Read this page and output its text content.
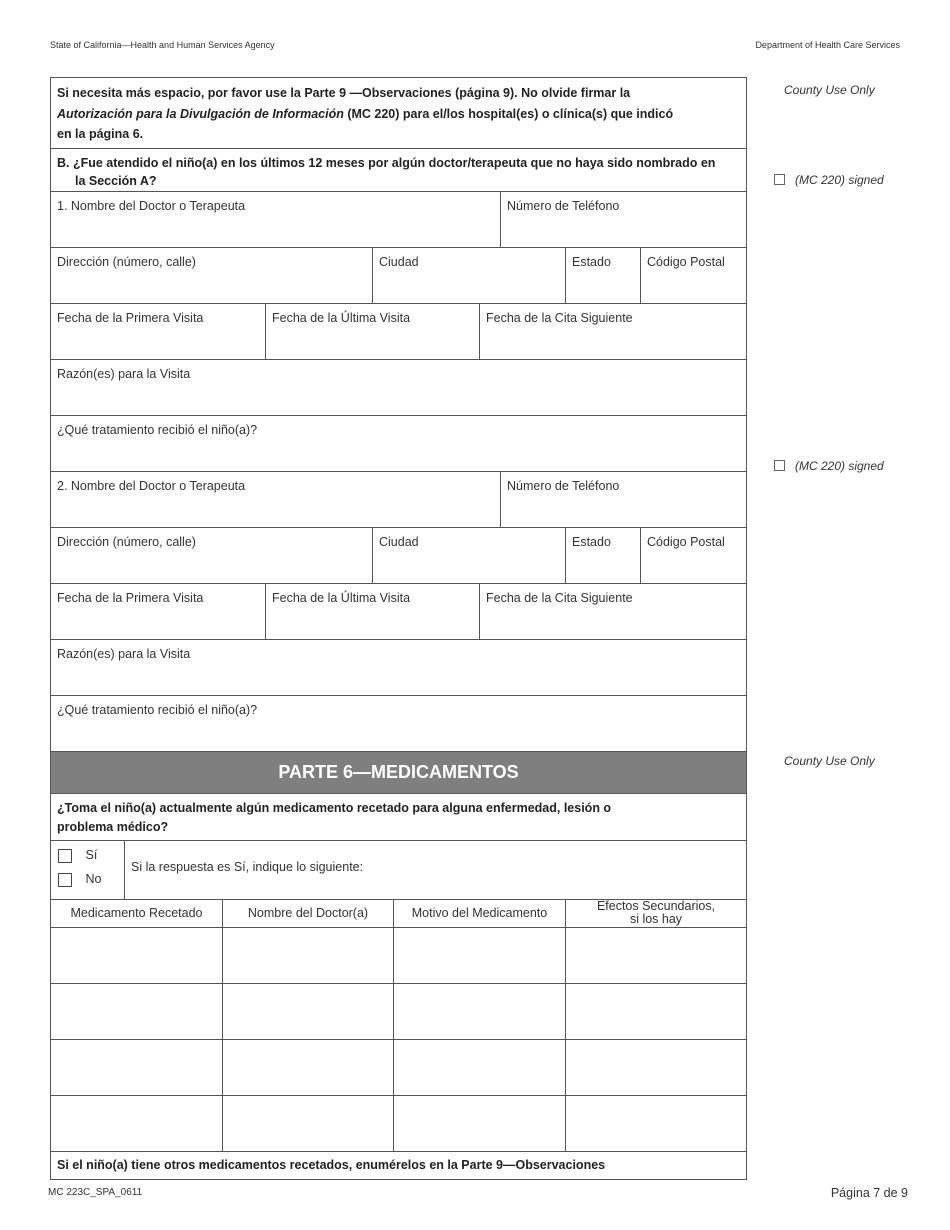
State of California—Health and Human Services Agency	Department of Health Care Services
Si necesita más espacio, por favor use la Parte 9 —Observaciones (página 9). No olvide firmar la
Autorización para la Divulgación de Información (MC 220) para el/los hospital(es) o clínica(s) que indicó
en la página 6.
B. ¿Fue atendido el niño(a) en los últimos 12 meses por algún doctor/terapeuta que no haya sido nombrado en
la Sección A?
1. Nombre del Doctor o Terapeuta	Número de Teléfono
Dirección (número, calle)	Ciudad	Estado	Código Postal
Fecha de la Primera Visita	Fecha de la Última Visita	Fecha de la Cita Siguiente
Razón(es) para la Visita
¿Qué tratamiento recibió el niño(a)?
2. Nombre del Doctor o Terapeuta	Número de Teléfono
Dirección (número, calle)	Ciudad	Estado	Código Postal
Fecha de la Primera Visita	Fecha de la Última Visita	Fecha de la Cita Siguiente
Razón(es) para la Visita
¿Qué tratamiento recibió el niño(a)?
PARTE 6—MEDICAMENTOS
¿Toma el niño(a) actualmente algún medicamento recetado para alguna enfermedad, lesión o
problema médico?
Sí
No
Si la respuesta es Sí, indique lo siguiente:
Medicamento Recetado	Nombre del Doctor(a)	Motivo del Medicamento	Efectos Secundarios,
si los hay
Si el niño(a) tiene otros medicamentos recetados, enumérelos en la Parte 9—Observaciones
County Use Only
(MC 220) signed
(MC 220) signed
County Use Only
MC 223C_SPA_0611	Página 7 de 9
